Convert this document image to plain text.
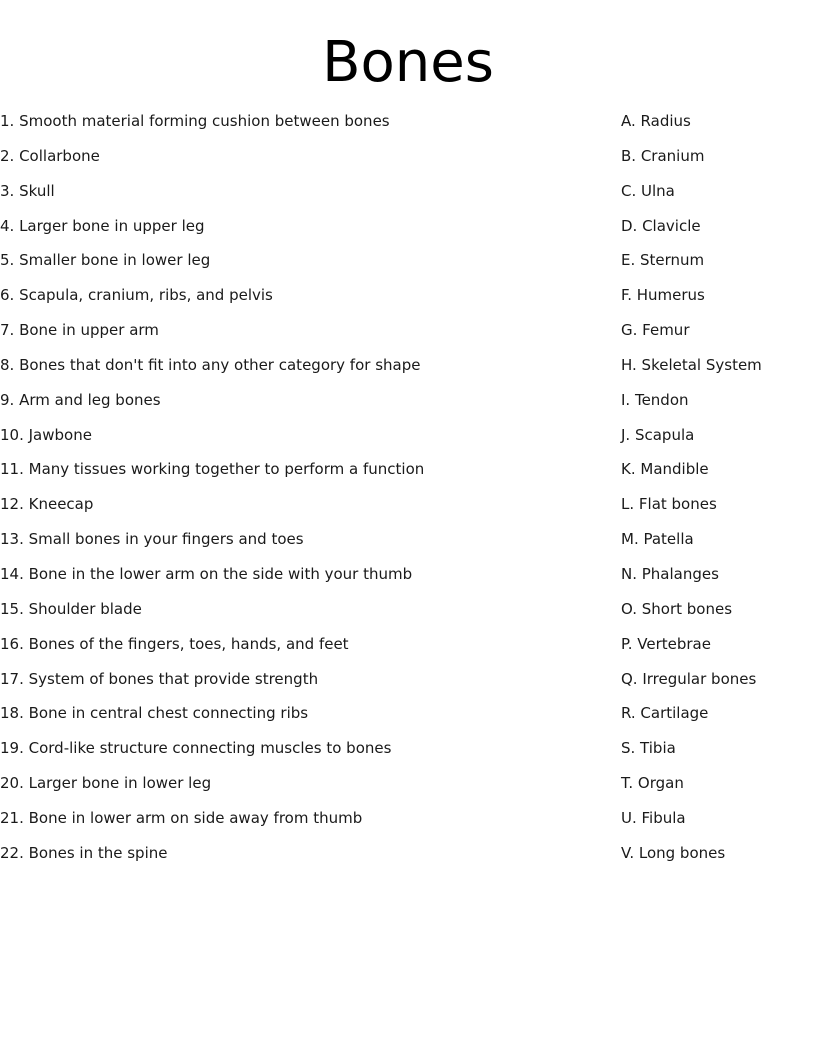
Bones
1. Smooth material forming cushion between bones	A. Radius
2. Collarbone	B. Cranium
3. Skull	C. Ulna
4. Larger bone in upper leg	D. Clavicle
5. Smaller bone in lower leg	E. Sternum
6. Scapula, cranium, ribs, and pelvis	F. Humerus
7. Bone in upper arm	G. Femur
8. Bones that don't fit into any other category for shape	H. Skeletal System
9. Arm and leg bones	I. Tendon
10. Jawbone	J. Scapula
11. Many tissues working together to perform a function	K. Mandible
12. Kneecap	L. Flat bones
13. Small bones in your fingers and toes	M. Patella
14. Bone in the lower arm on the side with your thumb	N. Phalanges
15. Shoulder blade	O. Short bones
16. Bones of the fingers, toes, hands, and feet	P. Vertebrae
17. System of bones that provide strength	Q. Irregular bones
18. Bone in central chest connecting ribs	R. Cartilage
19. Cord-like structure connecting muscles to bones	S. Tibia
20. Larger bone in lower leg	T. Organ
21. Bone in lower arm on side away from thumb	U. Fibula
22. Bones in the spine	V. Long bones
